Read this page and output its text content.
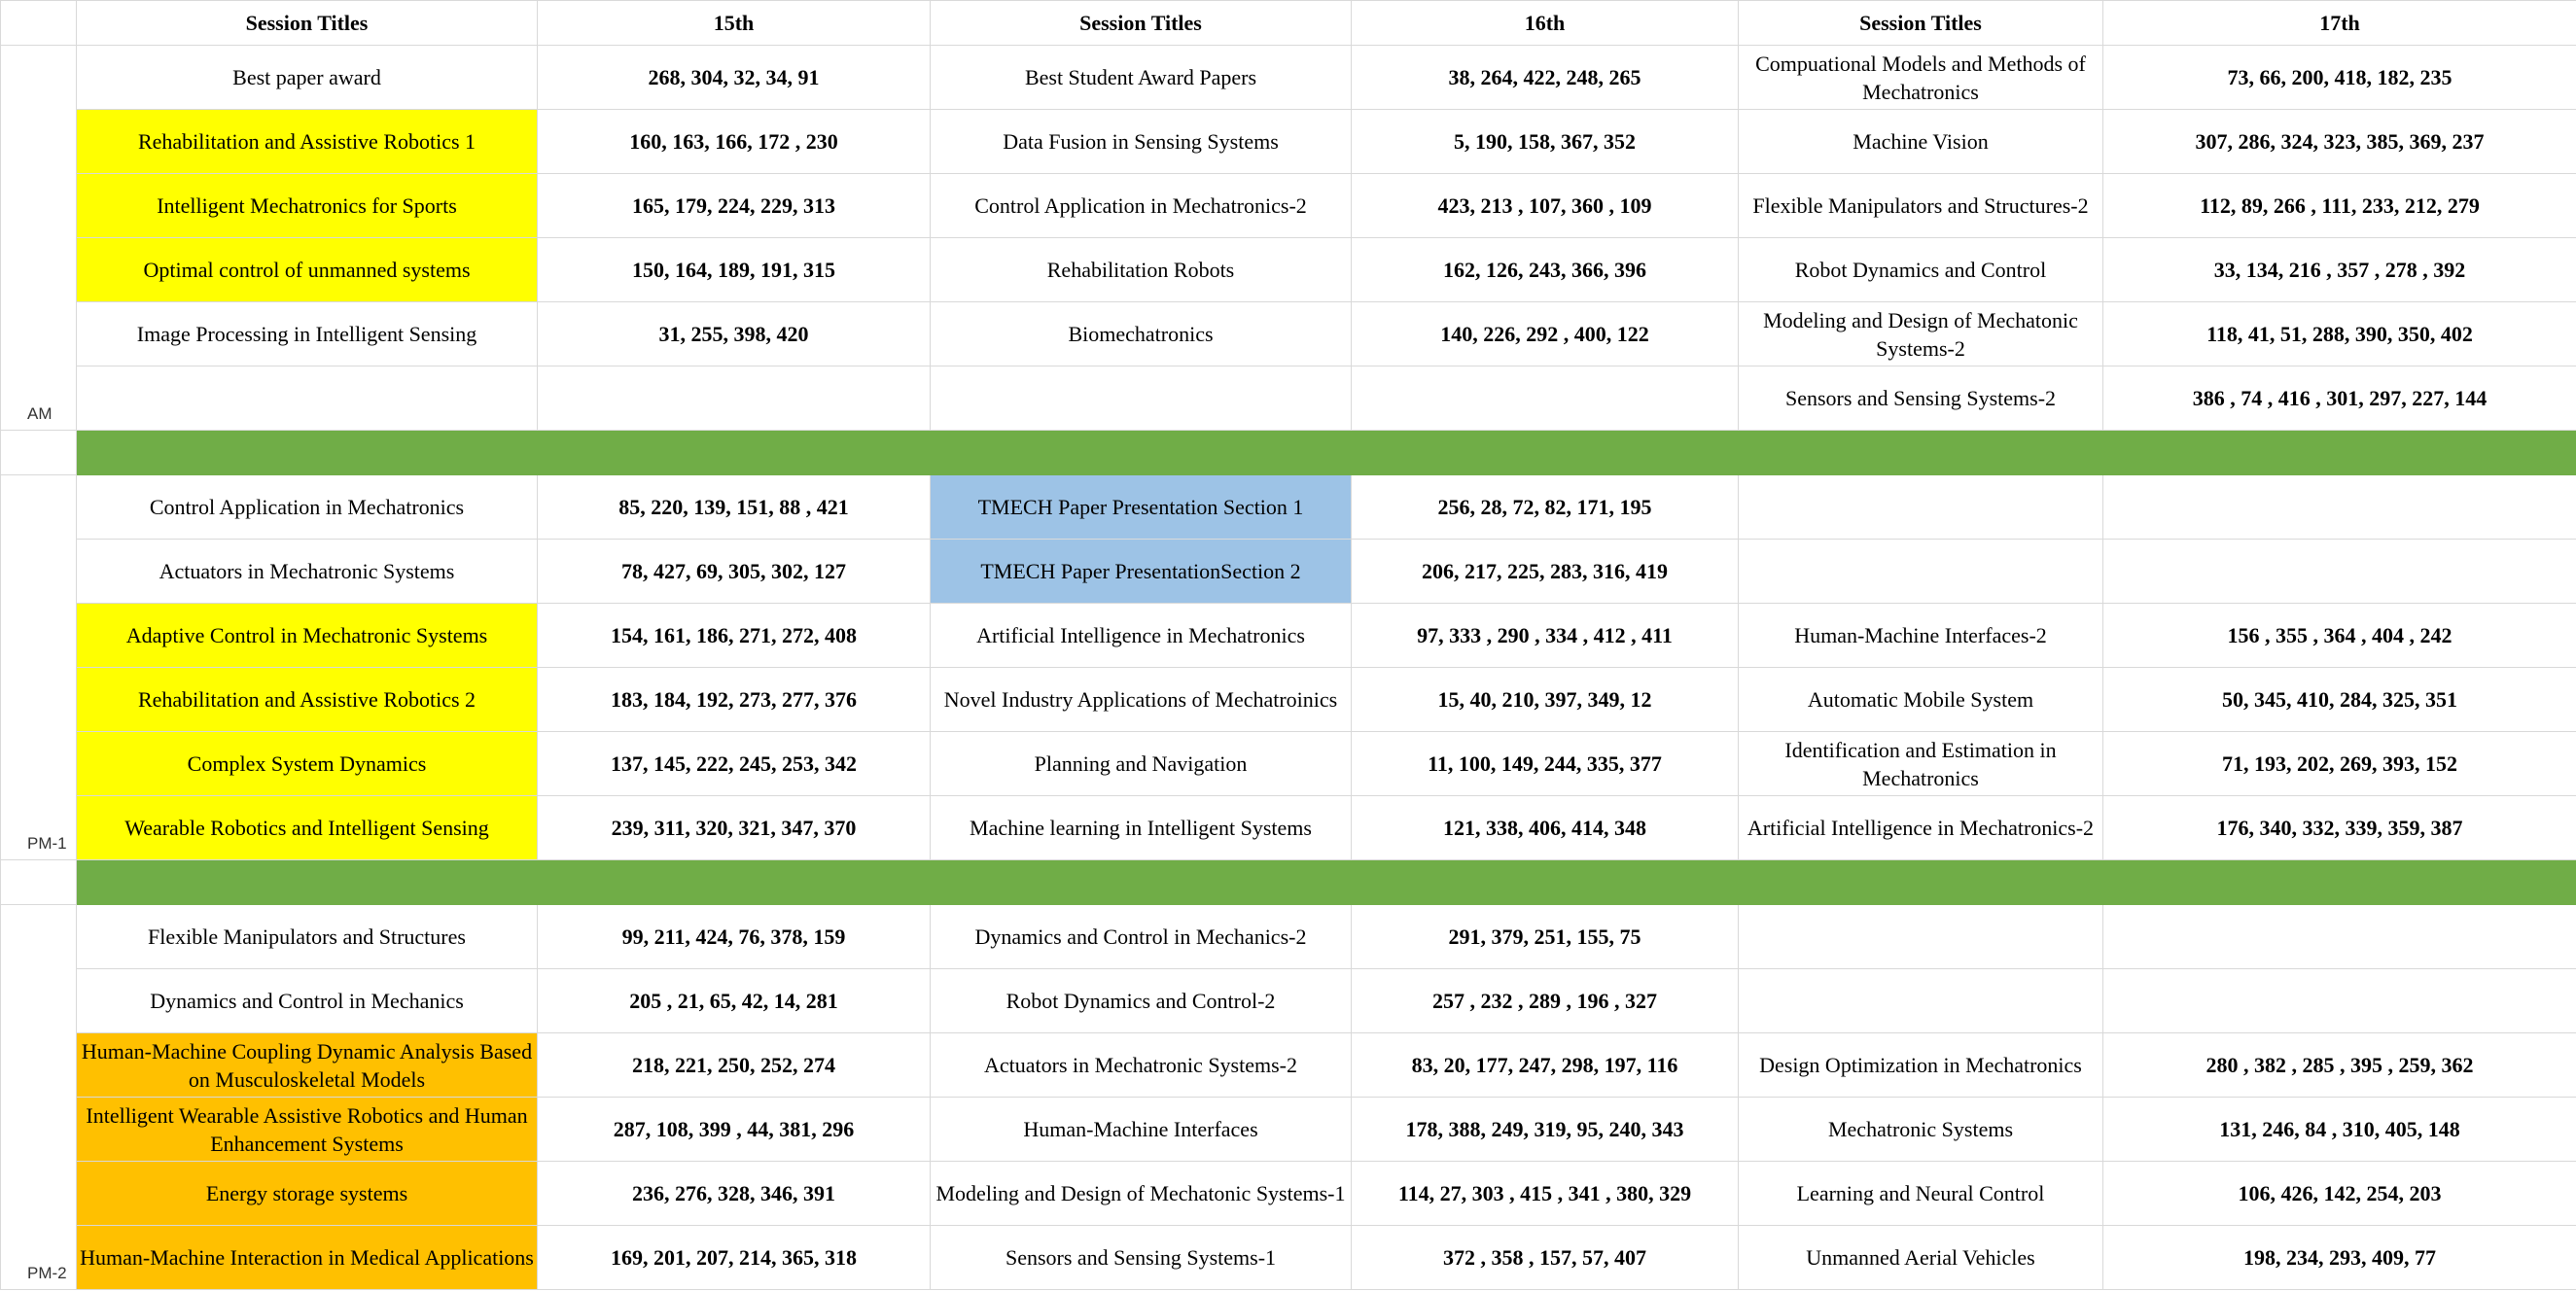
	Session Titles	15th	Session Titles	16th	Session Titles	17th
AM	Best paper award	268, 304, 32, 34, 91	Best Student Award Papers	38, 264, 422, 248, 265	Compuational Models and Methods of Mechatronics	73, 66, 200, 418, 182, 235
	Rehabilitation and Assistive Robotics 1	160, 163, 166, 172 , 230	Data Fusion in Sensing Systems	5, 190, 158, 367, 352	Machine Vision	307, 286, 324, 323, 385, 369, 237
	Intelligent Mechatronics for Sports	165, 179, 224, 229, 313	Control Application in Mechatronics-2	423, 213 , 107, 360 , 109	Flexible Manipulators and Structures-2	112, 89, 266 , 111, 233, 212, 279
	Optimal control of unmanned systems	150, 164, 189, 191, 315	Rehabilitation Robots	162, 126, 243, 366, 396	Robot Dynamics and Control	33, 134, 216 , 357 , 278 , 392
	Image Processing in Intelligent Sensing	31, 255, 398, 420	Biomechatronics	140, 226, 292 , 400, 122	Modeling and Design of Mechatonic Systems-2	118, 41, 51, 288, 390, 350, 402
					Sensors and Sensing Systems-2	386 , 74 , 416 , 301, 297, 227, 144

PM-1	Control Application in Mechatronics	85, 220, 139, 151, 88 , 421	TMECH Paper Presentation Section 1	256, 28, 72, 82, 171, 195		
	Actuators in Mechatronic Systems	78, 427, 69, 305, 302, 127	TMECH Paper PresentationSection 2	206, 217, 225, 283, 316, 419		
	Adaptive Control in Mechatronic Systems	154, 161, 186, 271, 272, 408	Artificial Intelligence in Mechatronics	97, 333 , 290 , 334 , 412 , 411	Human-Machine Interfaces-2	156 , 355 , 364 , 404 , 242
	Rehabilitation and Assistive Robotics 2	183, 184, 192, 273, 277, 376	Novel Industry Applications of Mechatroinics	15, 40, 210, 397, 349, 12	Automatic Mobile System	50, 345, 410, 284, 325, 351
	Complex System Dynamics	137, 145, 222, 245, 253, 342	Planning and Navigation	11, 100, 149, 244, 335, 377	Identification and Estimation in Mechatronics	71, 193, 202, 269, 393, 152
	Wearable Robotics and Intelligent Sensing	239, 311, 320, 321, 347, 370	Machine learning in Intelligent Systems	121, 338, 406, 414, 348	Artificial Intelligence in Mechatronics-2	176, 340, 332, 339, 359, 387

PM-2	Flexible Manipulators and Structures	99, 211, 424, 76, 378, 159	Dynamics and Control in Mechanics-2	291, 379, 251, 155, 75		
	Dynamics and Control in Mechanics	205 , 21, 65, 42, 14, 281	Robot Dynamics and Control-2	257 , 232 , 289 , 196 , 327		
	Human-Machine Coupling Dynamic Analysis Based on Musculoskeletal Models	218, 221, 250, 252, 274	Actuators in Mechatronic Systems-2	83, 20, 177, 247, 298, 197, 116	Design Optimization in Mechatronics	280 , 382 , 285 , 395 , 259, 362
	Intelligent Wearable Assistive Robotics and Human Enhancement Systems	287, 108, 399 , 44, 381, 296	Human-Machine Interfaces	178, 388, 249, 319, 95, 240, 343	Mechatronic Systems	131, 246, 84 , 310, 405, 148
	Energy storage systems	236, 276, 328, 346, 391	Modeling and Design of Mechatonic Systems-1	114, 27, 303 , 415 , 341 , 380, 329	Learning and Neural Control	106, 426, 142, 254, 203
	Human-Machine Interaction in Medical Applications	169, 201, 207, 214, 365, 318	Sensors and Sensing Systems-1	372 , 358 , 157, 57, 407	Unmanned Aerial Vehicles	198, 234, 293, 409, 77
